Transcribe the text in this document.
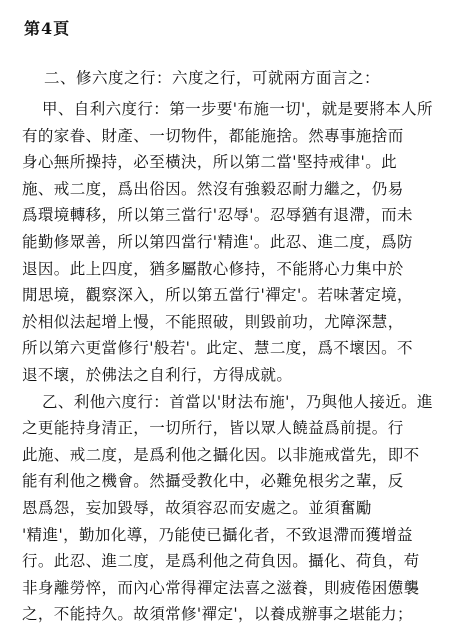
第4頁
二、修六度之行：六度之行，可就兩方面言之：
甲、自利六度行：第一步要'布施一切'，就是要將本人所
有的家眷、財產、一切物件，都能施捨。然專事施捨而
身心無所操持，必至橫決，所以第二當'堅持戒律'。此
施、戒二度，爲出俗因。然沒有強毅忍耐力繼之，仍易
爲環境轉移，所以第三當行'忍辱'。忍辱猶有退滯，而未
能勤修眾善，所以第四當行'精進'。此忍、進二度，爲防
退因。此上四度，猶多屬散心修持，不能將心力集中於
閒思境，觀察深入，所以第五當行'禪定'。若味著定境，
於相似法起增上慢，不能照破，則毀前功，尤障深慧，
所以第六更當修行'般若'。此定、慧二度，爲不壞因。不
退不壞，於佛法之自利行，方得成就。
乙、利他六度行：首當以'財法布施'，乃與他人接近。進
之更能持身清正，一切所行，皆以眾人饒益爲前提。行
此施、戒二度，是爲利他之攝化因。以非施戒當先，即不
能有利他之機會。然攝受教化中，必難免根劣之輩，反
恩爲怨，妄加毀辱，故須容忍而安處之。並須奮勵
'精進'，勤加化導，乃能使已攝化者，不致退滯而獲增益
行。此忍、進二度，是爲利他之荷負因。攝化、荷負，苟
非身離勞悴，而內心常得禪定法喜之滋養，則疲倦困憊襲
之，不能持久。故須常修'禪定'，以養成辦事之堪能力；
